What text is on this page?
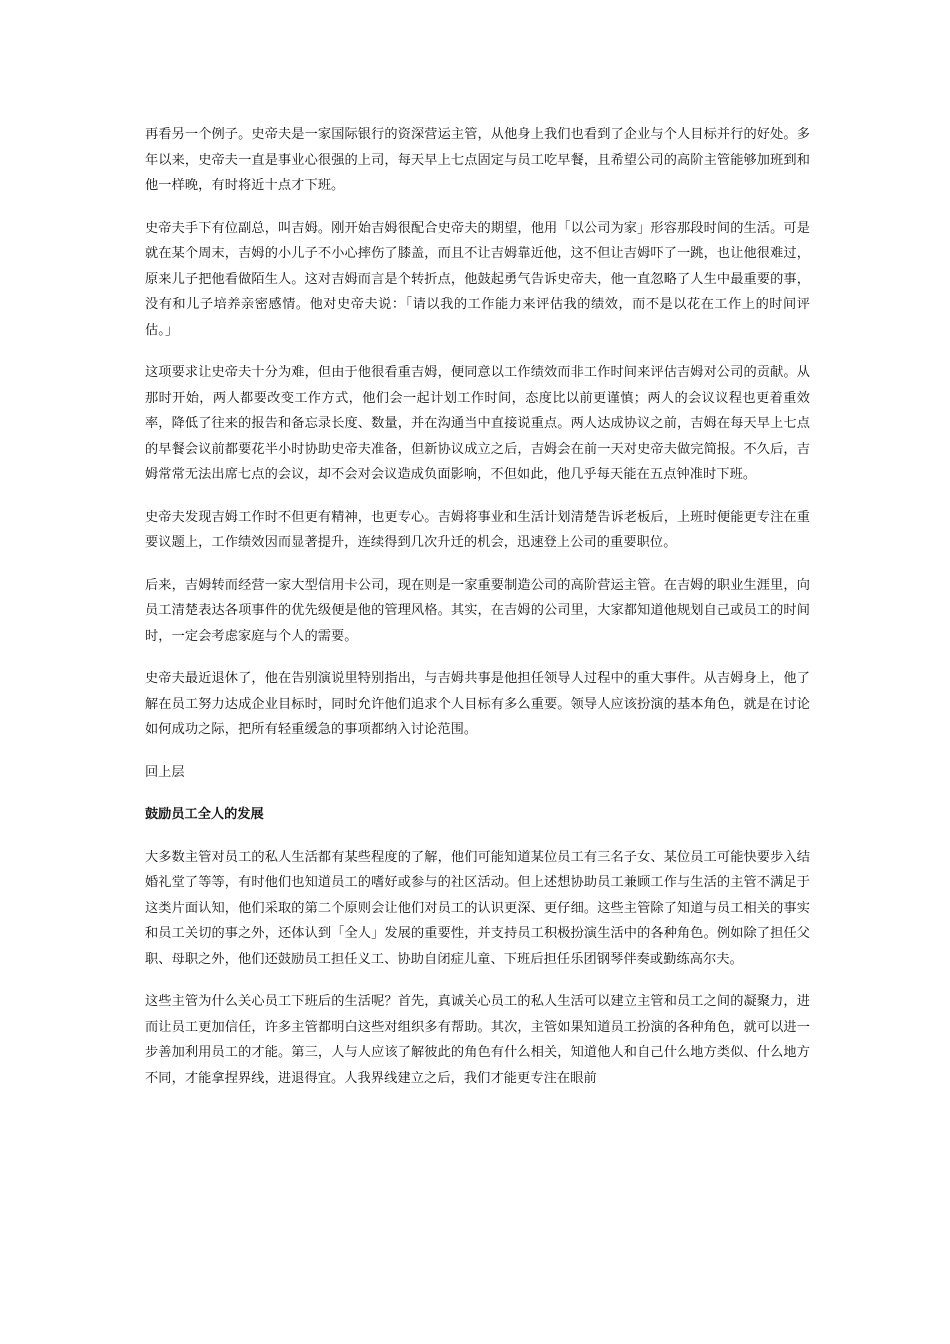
再看另一个例子。史帝夫是一家国际银行的资深营运主管，从他身上我们也看到了企业与个人目标并行的好处。多年以来，史帝夫一直是事业心很强的上司，每天早上七点固定与员工吃早餐，且希望公司的高阶主管能够加班到和他一样晚，有时将近十点才下班。

史帝夫手下有位副总，叫吉姆。刚开始吉姆很配合史帝夫的期望，他用「以公司为家」形容那段时间的生活。可是就在某个周末，吉姆的小儿子不小心摔伤了膝盖，而且不让吉姆靠近他，这不但让吉姆吓了一跳，也让他很难过，原来儿子把他看做陌生人。这对吉姆而言是个转折点，他鼓起勇气告诉史帝夫，他一直忽略了人生中最重要的事，没有和儿子培养亲密感情。他对史帝夫说：「请以我的工作能力来评估我的绩效，而不是以花在工作上的时间评估。」

这项要求让史帝夫十分为难，但由于他很看重吉姆，便同意以工作绩效而非工作时间来评估吉姆对公司的贡献。从那时开始，两人都要改变工作方式，他们会一起计划工作时间，态度比以前更谨慎；两人的会议议程也更着重效率，降低了往来的报告和备忘录长度、数量，并在沟通当中直接说重点。两人达成协议之前，吉姆在每天早上七点的早餐会议前都要花半小时协助史帝夫准备，但新协议成立之后，吉姆会在前一天对史帝夫做完简报。不久后，吉姆常常无法出席七点的会议，却不会对会议造成负面影响，不但如此，他几乎每天能在五点钟准时下班。

史帝夫发现吉姆工作时不但更有精神，也更专心。吉姆将事业和生活计划清楚告诉老板后，上班时便能更专注在重要议题上，工作绩效因而显著提升，连续得到几次升迁的机会，迅速登上公司的重要职位。

后来，吉姆转而经营一家大型信用卡公司，现在则是一家重要制造公司的高阶营运主管。在吉姆的职业生涯里，向员工清楚表达各项事件的优先级便是他的管理风格。其实，在吉姆的公司里，大家都知道他规划自己或员工的时间时，一定会考虑家庭与个人的需要。

史帝夫最近退休了，他在告别演说里特别指出，与吉姆共事是他担任领导人过程中的重大事件。从吉姆身上，他了解在员工努力达成企业目标时，同时允许他们追求个人目标有多么重要。领导人应该扮演的基本角色，就是在讨论如何成功之际，把所有轻重缓急的事项都纳入讨论范围。

回上层

鼓励员工全人的发展

大多数主管对员工的私人生活都有某些程度的了解，他们可能知道某位员工有三名子女、某位员工可能快要步入结婚礼堂了等等，有时他们也知道员工的嗜好或参与的社区活动。但上述想协助员工兼顾工作与生活的主管不满足于这类片面认知，他们采取的第二个原则会让他们对员工的认识更深、更仔细。这些主管除了知道与员工相关的事实和员工关切的事之外，还体认到「全人」发展的重要性，并支持员工积极扮演生活中的各种角色。例如除了担任父职、母职之外，他们还鼓励员工担任义工、协助自闭症儿童、下班后担任乐团钢琴伴奏或勤练高尔夫。

这些主管为什么关心员工下班后的生活呢？首先，真诚关心员工的私人生活可以建立主管和员工之间的凝聚力，进而让员工更加信任，许多主管都明白这些对组织多有帮助。其次，主管如果知道员工扮演的各种角色，就可以进一步善加利用员工的才能。第三，人与人应该了解彼此的角色有什么相关，知道他人和自己什么地方类似、什么地方不同，才能拿捏界线，进退得宜。人我界线建立之后，我们才能更专注在眼前
